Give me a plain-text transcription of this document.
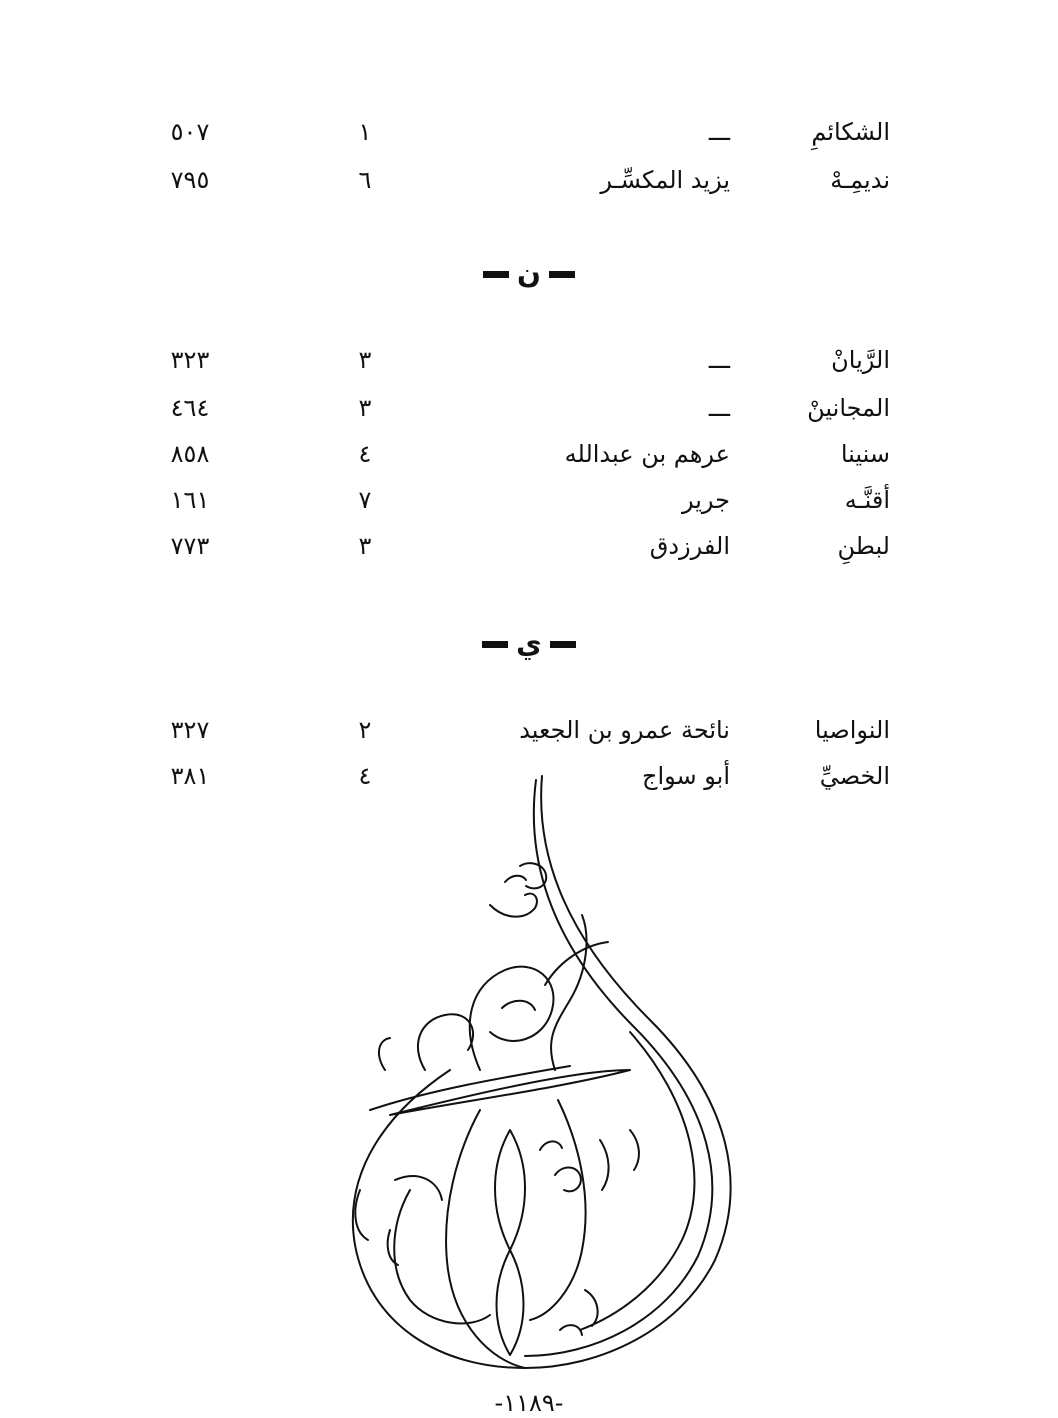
الشكائمِ
ـــ
١
٥٠٧
نديمِـهْ
يزيد المكسِّـر
٦
٧٩٥
ن
الرَّيانْ
ـــ
٣
٣٢٣
المجانينْ
ـــ
٣
٤٦٤
سنينا
عرهم بن عبدالله
٤
٨٥٨
أقنَّـه
جرير
٧
١٦١
لبطنِ
الفرزدق
٣
٧٧٣
ي
النواصيا
نائحة عمرو بن الجعيد
٢
٣٢٧
الخصيِّ
أبو سواج
٤
٣٨١
-١١٨٩-
